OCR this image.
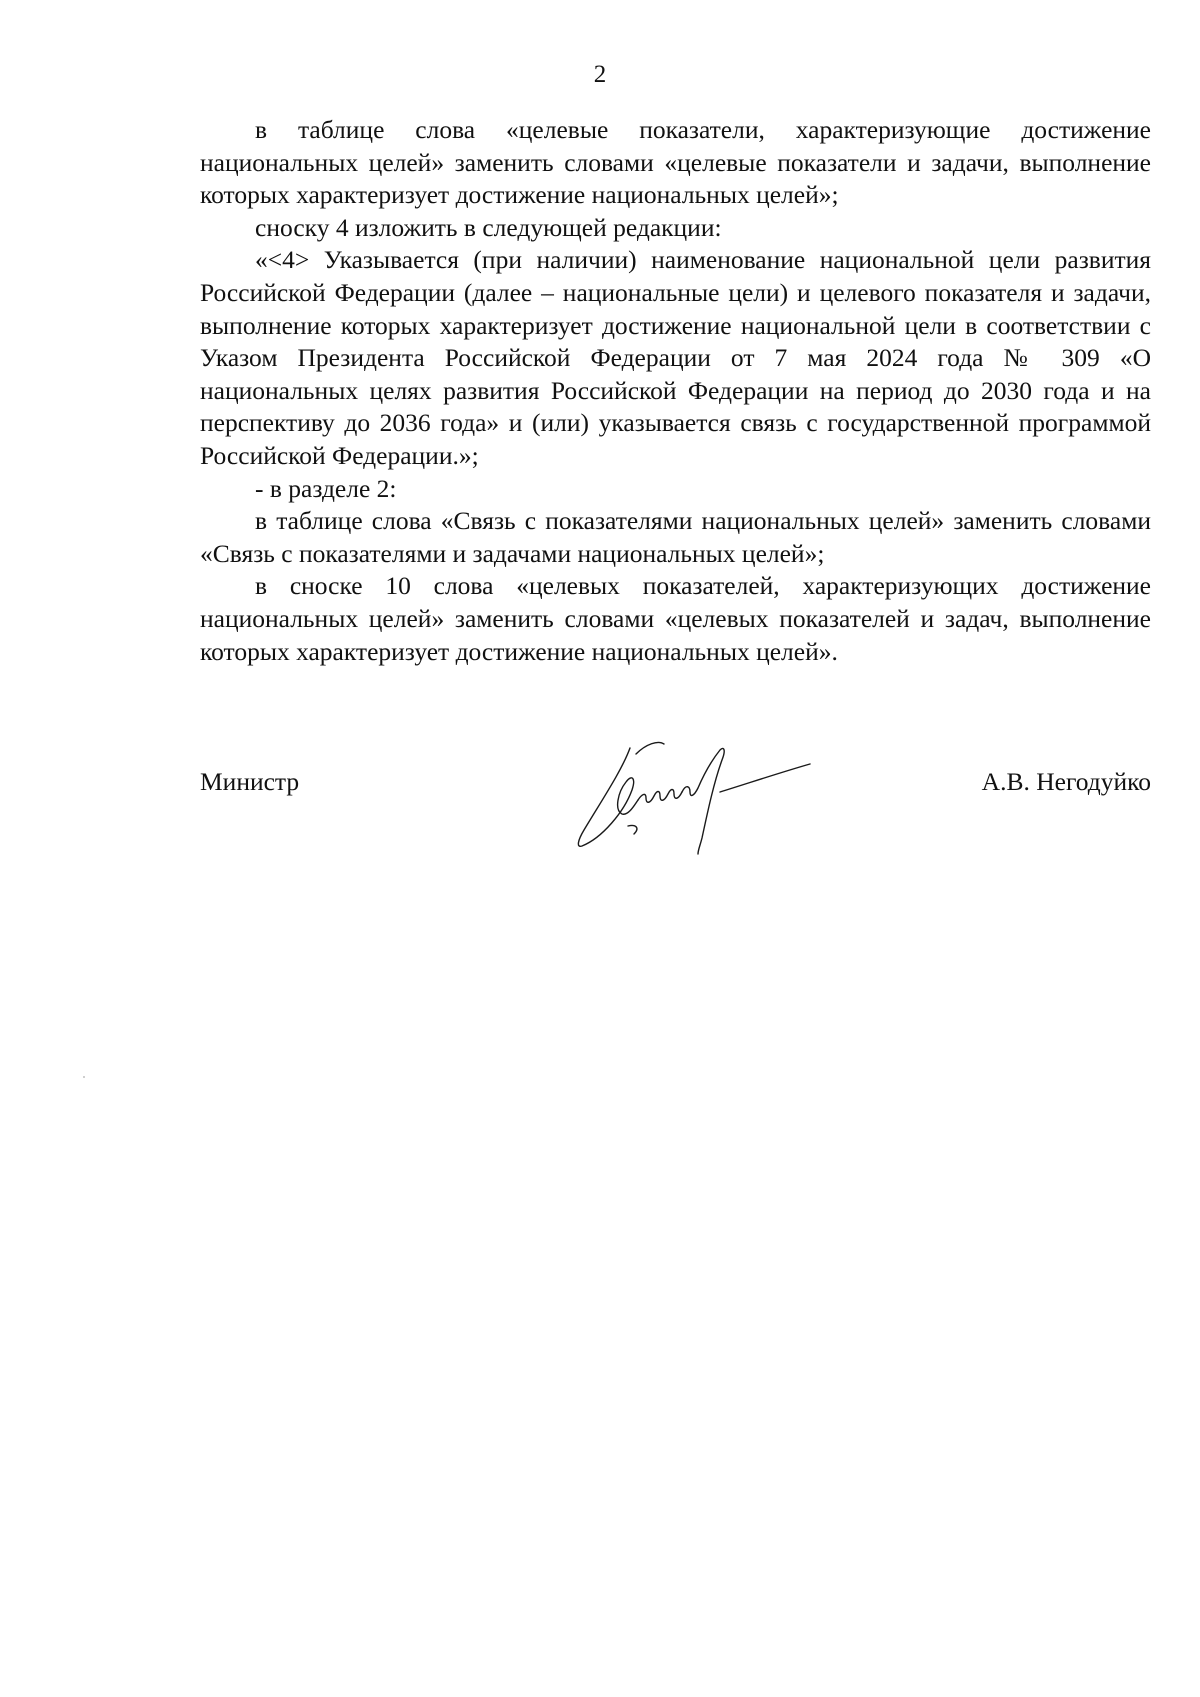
2

в таблице слова «целевые показатели, характеризующие достижение национальных целей» заменить словами «целевые показатели и задачи, выполнение которых характеризует достижение национальных целей»;

сноску 4 изложить в следующей редакции:

«<4> Указывается (при наличии) наименование национальной цели развития Российской Федерации (далее – национальные цели) и целевого показателя и задачи, выполнение которых характеризует достижение национальной цели в соответствии с Указом Президента Российской Федерации от 7 мая 2024 года № 309 «О национальных целях развития Российской Федерации на период до 2030 года и на перспективу до 2036 года» и (или) указывается связь с государственной программой Российской Федерации.»;

- в разделе 2:

в таблице слова «Связь с показателями национальных целей» заменить словами «Связь с показателями и задачами национальных целей»;

в сноске 10 слова «целевых показателей, характеризующих достижение национальных целей» заменить словами «целевых показателей и задач, выполнение которых характеризует достижение национальных целей».

Министр	А.В. Негодуйко
